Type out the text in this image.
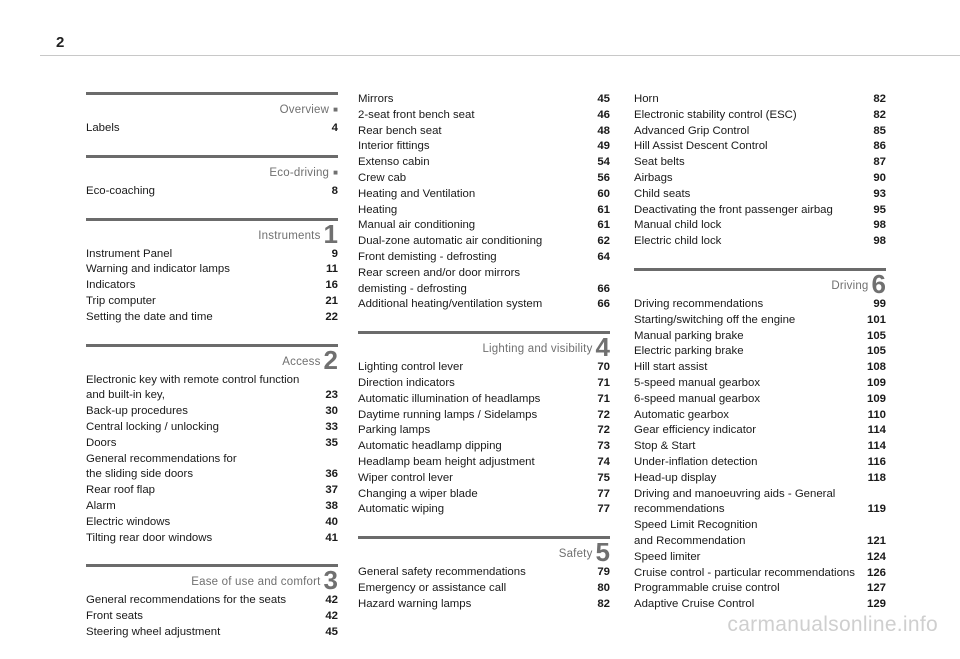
2
Overview ■
Labels	4
Eco-driving ■
Eco-coaching	8
Instruments 1
Instrument Panel	9
Warning and indicator lamps	11
Indicators	16
Trip computer	21
Setting the date and time	22
Access 2
Electronic key with remote control function
and built-in key,	23
Back-up procedures	30
Central locking / unlocking	33
Doors	35
General recommendations for
the sliding side doors	36
Rear roof flap	37
Alarm	38
Electric windows	40
Tilting rear door windows	41
Ease of use and comfort 3
General recommendations for the seats	42
Front seats	42
Steering wheel adjustment	45
Mirrors	45
2-seat front bench seat	46
Rear bench seat	48
Interior fittings	49
Extenso cabin	54
Crew cab	56
Heating and Ventilation	60
Heating	61
Manual air conditioning	61
Dual-zone automatic air conditioning	62
Front demisting - defrosting	64
Rear screen and/or door mirrors
demisting - defrosting	66
Additional heating/ventilation system	66
Lighting and visibility 4
Lighting control lever	70
Direction indicators	71
Automatic illumination of headlamps	71
Daytime running lamps / Sidelamps	72
Parking lamps	72
Automatic headlamp dipping	73
Headlamp beam height adjustment	74
Wiper control lever	75
Changing a wiper blade	77
Automatic wiping	77
Safety 5
General safety recommendations	79
Emergency or assistance call	80
Hazard warning lamps	82
Horn	82
Electronic stability control (ESC)	82
Advanced Grip Control	85
Hill Assist Descent Control	86
Seat belts	87
Airbags	90
Child seats	93
Deactivating the front passenger airbag	95
Manual child lock	98
Electric child lock	98
Driving 6
Driving recommendations	99
Starting/switching off the engine	101
Manual parking brake	105
Electric parking brake	105
Hill start assist	108
5-speed manual gearbox	109
6-speed manual gearbox	109
Automatic gearbox	110
Gear efficiency indicator	114
Stop & Start	114
Under-inflation detection	116
Head-up display	118
Driving and manoeuvring aids - General
recommendations	119
Speed Limit Recognition
and Recommendation	121
Speed limiter	124
Cruise control - particular recommendations	126
Programmable cruise control	127
Adaptive Cruise Control	129
carmanualsonline.info
